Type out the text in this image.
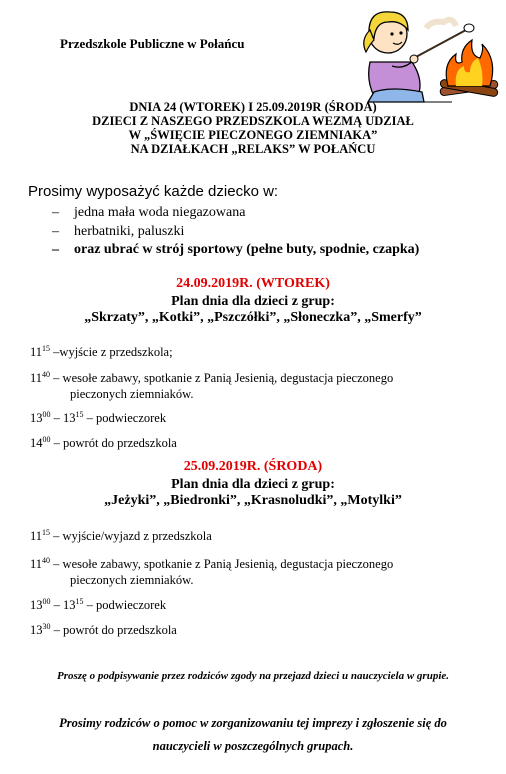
Przedszkole Publiczne w Połańcu
DNIA 24 (WTOREK) I 25.09.2019R (ŚRODA)
DZIECI Z NASZEGO PRZEDSZKOLA WEZMĄ UDZIAŁ
W „ŚWIĘCIE PIECZONEGO ZIEMNIAKA”
NA DZIAŁKACH „RELAKS” W POŁAŃCU
Prosimy wyposażyć każde dziecko w:
– jedna mała woda niegazowana
– herbatniki, paluszki
– oraz ubrać w strój sportowy (pełne buty, spodnie, czapka)
24.09.2019R. (WTOREK)
Plan dnia dla dzieci z grup:
„Skrzaty”, „Kotki”, „Pszczółki”, „Słoneczka”, „Smerfy”
$11^{15}$ –wyjście z przedszkola;
$11^{40}$ – wesołe zabawy, spotkanie z Panią Jesienią, degustacja pieczonego
pieczonych ziemniaków.
$13^{00} - 13^{15}$ – podwieczorek
$14^{00}$ – powrót do przedszkola
25.09.2019R. (ŚRODA)
Plan dnia dla dzieci z grup:
„Jeżyki”, „Biedronki”, „Krasnoludki”, „Motylki”
$11^{15}$ – wyjście/wyjazd z przedszkola
$11^{40}$ – wesołe zabawy, spotkanie z Panią Jesienią, degustacja pieczonego
pieczonych ziemniaków.
$13^{00} - 13^{15}$ – podwieczorek
$13^{30}$ – powrót do przedszkola
Proszę o podpisywanie przez rodziców zgody na przejazd dzieci u nauczyciela w grupie.
Prosimy rodziców o pomoc w zorganizowaniu tej imprezy i zgłoszenie się do
nauczycieli w poszczególnych grupach.
